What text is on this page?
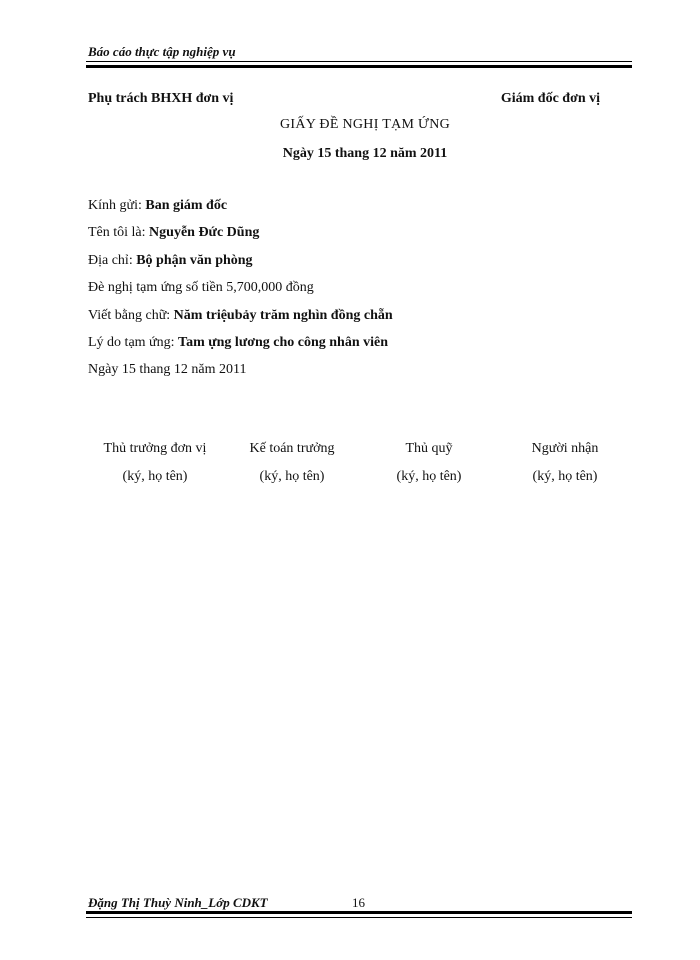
Báo cáo thực tập nghiệp vụ
Phụ trách BHXH đơn vị	Giám đốc đơn vị
GIẤY ĐỀ NGHỊ TẠM ỨNG
Ngày 15 thang 12 năm 2011
Kính gửi: Ban giám đốc
Tên tôi là: Nguyễn Đức Dũng
Địa chỉ: Bộ phận văn phòng
Đè nghị tạm ứng số tiền 5,700,000 đồng
Viết bằng chữ: Năm triệubảy trăm nghìn đồng chẵn
Lý do tạm ứng: Tam ựng lương cho công nhân viên
Ngày 15 thang 12 năm 2011
Thủ trưởng đơn vị
(ký, họ tên)
Kế toán trưởng
(ký, họ tên)
Thủ quỹ
(ký, họ tên)
Người nhận
(ký, họ tên)
Đặng Thị Thuỳ Ninh_Lớp CDKT	16
